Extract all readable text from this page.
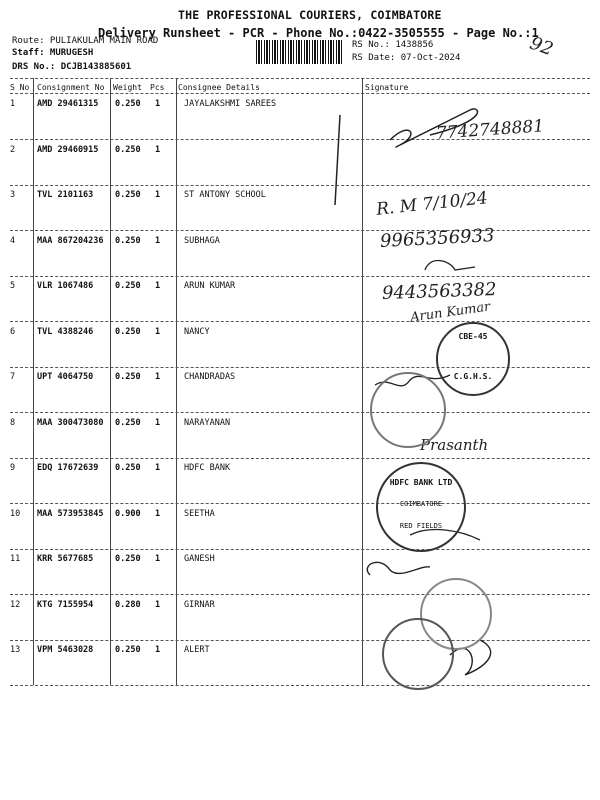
THE PROFESSIONAL COURIERS, COIMBATORE
Delivery Runsheet - PCR - Phone No.:0422-3505555 - Page No.:1
Route: PULIAKULAM MAIN ROAD
Staff: MURUGESH
DRS No.: DCJB143885601
RS No.: 1438856
RS Date: 07-Oct-2024
S No Consignment No Weight Pcs Consignee Details	Signature
1	AMD 29461315 0.250 1	JAYALAKSHMI SAREES
2	AMD 29460915 0.250 1
3	TVL 2101163	0.250 1	ST ANTONY SCHOOL
4	MAA 867204236 0.250 1	SUBHAGA
5	VLR 1067486	0.250 1	ARUN KUMAR
6	TVL 4388246	0.250 1	NANCY
7	UPT 4064750	0.250 1	CHANDRADAS
8	MAA 300473080 0.250 1	NARAYANAN
9	EDQ 17672639 0.250 1	HDFC BANK
10 MAA 573953845 0.900 1	SEETHA
11 KRR 5677685	0.250 1	GANESH
12 KTG 7155954	0.280 1	GIRNAR
13 VPM 5463028	0.250 1	ALERT
92
7742748881
R. M 7/10/24
9965356933
9443563382
Arun Kumar
Prasanth
CBE-45
C.G.H.S.
HDFC BANK LTD
COIMBATORE
RED FIELDS
